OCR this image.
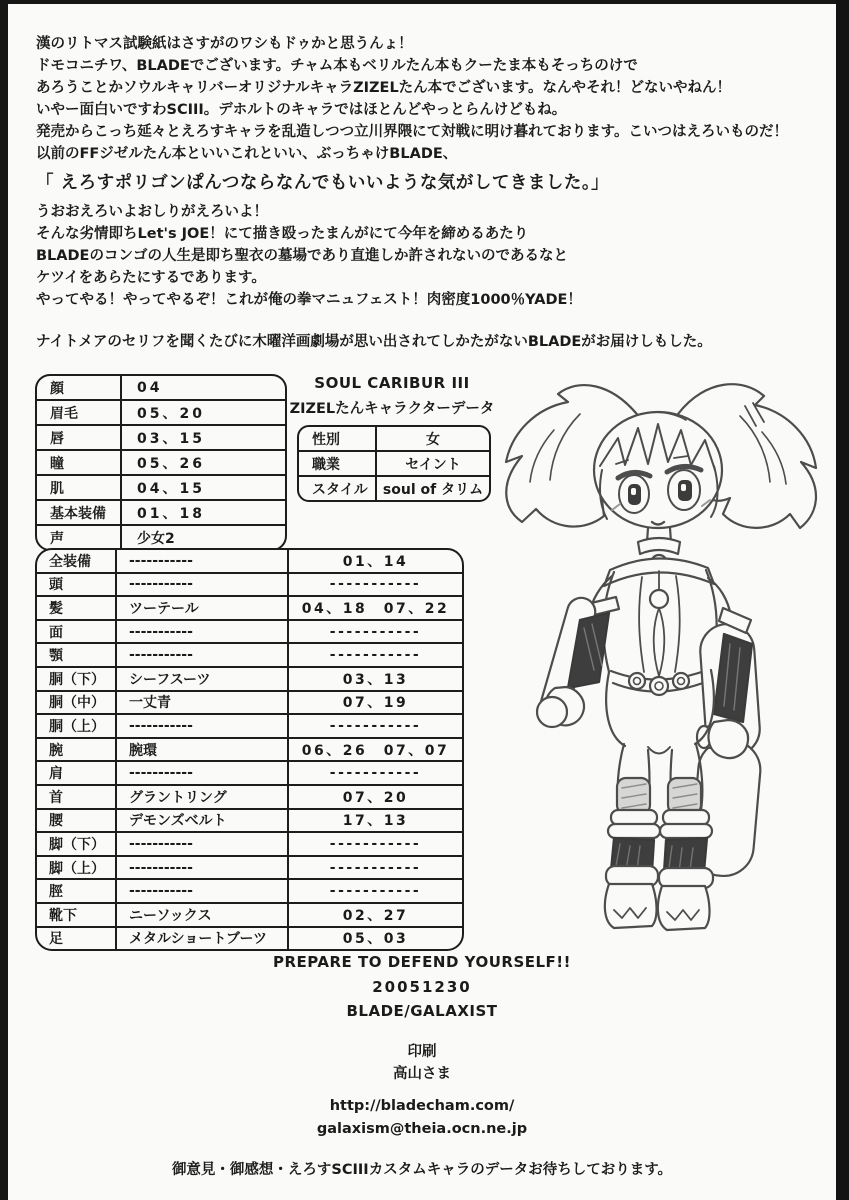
漢のリトマス試験紙はさすがのワシもドゥかと思うんょ！
ドモコニチワ、BLADEでございます。チャム本もベリルたん本もクーたま本もそっちのけで
あろうことかソウルキャリバーオリジナルキャラZIZELたん本でございます。なんやそれ！どないやねん！
いやー面白いですわSCIII。デホルトのキャラではほとんどやっとらんけどもね。
発売からこっち延々とえろすキャラを乱造しつつ立川界隈にて対戦に明け暮れております。こいつはえろいものだ！
以前のFFジゼルたん本といいこれといい、ぶっちゃけBLADE、
「 えろすポリゴンぱんつならなんでもいいような気がしてきました。」
うおおえろいよおしりがえろいよ！
そんな劣情即ちLet's JOE！にて描き殴ったまんがにて今年を締めるあたり
BLADEのコンゴの人生是即ち聖衣の墓場であり直進しか許されないのであるなと
ケツイをあらたにするであります。
やってやる！やってやるぞ！これが俺の拳マニュフェスト！肉密度1000％YADE！
ナイトメアのセリフを聞くたびに木曜洋画劇場が思い出されてしかたがないBLADEがお届けしもした。
顔	04
眉毛	05、20
唇	03、15
瞳	05、26
肌	04、15
基本装備	01、18
声	少女2
SOUL CARIBUR III
ZIZELたんキャラクターデータ
性別	女
職業	セイント
スタイル	soul of タリム
全装備	-----------	01、14
頭	-----------	-----------
髪	ツーテール	04、18　07、22
面	-----------	-----------
顎	-----------	-----------
胴（下）	シーフスーツ	03、13
胴（中）	一丈青	07、19
胴（上）	-----------	-----------
腕	腕環	06、26　07、07
肩	-----------	-----------
首	グラントリング	07、20
腰	デモンズベルト	17、13
脚（下）	-----------	-----------
脚（上）	-----------	-----------
脛	-----------	-----------
靴下	ニーソックス	02、27
足	メタルショートブーツ	05、03
PREPARE TO DEFEND YOURSELF!!
20051230
BLADE/GALAXIST
印刷
高山さま
http://bladecham.com/
galaxism@theia.ocn.ne.jp
御意見・御感想・えろすSCIIIカスタムキャラのデータお待ちしております。
